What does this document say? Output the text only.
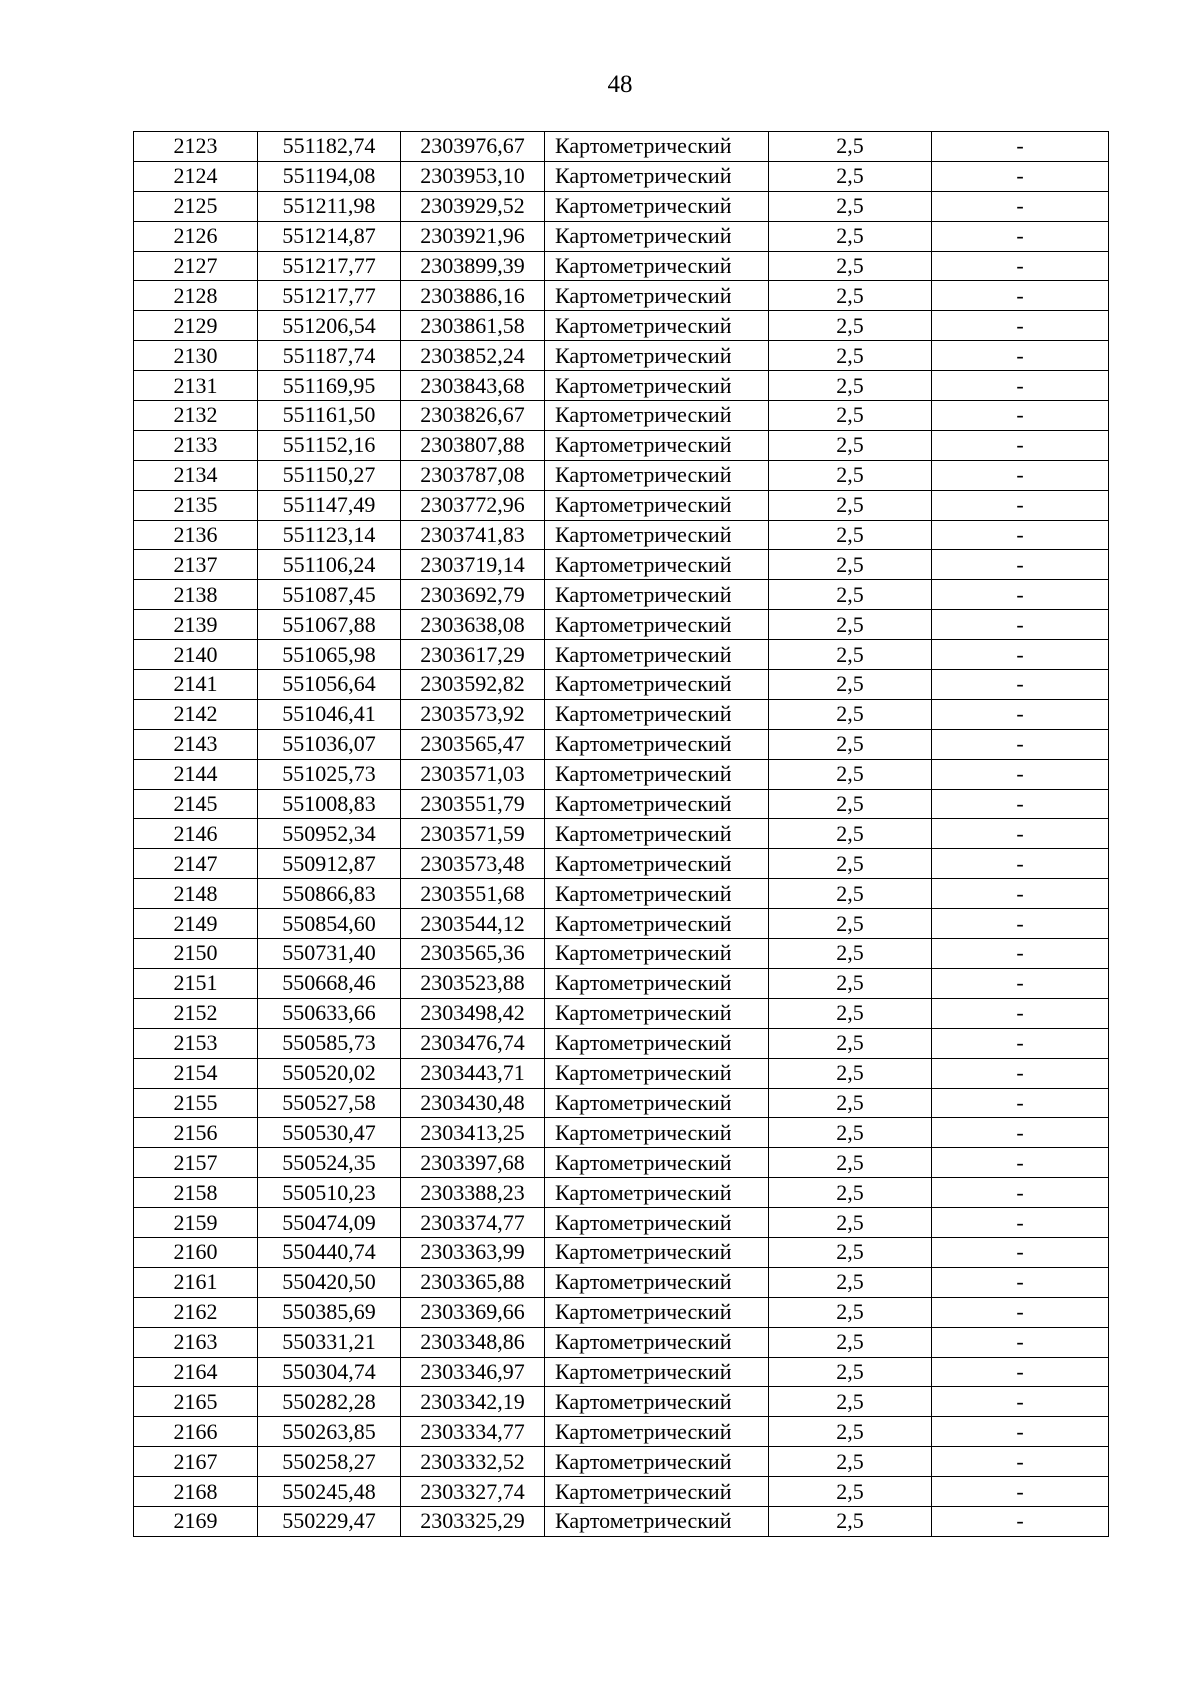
48
2123	551182,74	2303976,67	Картометрический	2,5	-
2124	551194,08	2303953,10	Картометрический	2,5	-
2125	551211,98	2303929,52	Картометрический	2,5	-
2126	551214,87	2303921,96	Картометрический	2,5	-
2127	551217,77	2303899,39	Картометрический	2,5	-
2128	551217,77	2303886,16	Картометрический	2,5	-
2129	551206,54	2303861,58	Картометрический	2,5	-
2130	551187,74	2303852,24	Картометрический	2,5	-
2131	551169,95	2303843,68	Картометрический	2,5	-
2132	551161,50	2303826,67	Картометрический	2,5	-
2133	551152,16	2303807,88	Картометрический	2,5	-
2134	551150,27	2303787,08	Картометрический	2,5	-
2135	551147,49	2303772,96	Картометрический	2,5	-
2136	551123,14	2303741,83	Картометрический	2,5	-
2137	551106,24	2303719,14	Картометрический	2,5	-
2138	551087,45	2303692,79	Картометрический	2,5	-
2139	551067,88	2303638,08	Картометрический	2,5	-
2140	551065,98	2303617,29	Картометрический	2,5	-
2141	551056,64	2303592,82	Картометрический	2,5	-
2142	551046,41	2303573,92	Картометрический	2,5	-
2143	551036,07	2303565,47	Картометрический	2,5	-
2144	551025,73	2303571,03	Картометрический	2,5	-
2145	551008,83	2303551,79	Картометрический	2,5	-
2146	550952,34	2303571,59	Картометрический	2,5	-
2147	550912,87	2303573,48	Картометрический	2,5	-
2148	550866,83	2303551,68	Картометрический	2,5	-
2149	550854,60	2303544,12	Картометрический	2,5	-
2150	550731,40	2303565,36	Картометрический	2,5	-
2151	550668,46	2303523,88	Картометрический	2,5	-
2152	550633,66	2303498,42	Картометрический	2,5	-
2153	550585,73	2303476,74	Картометрический	2,5	-
2154	550520,02	2303443,71	Картометрический	2,5	-
2155	550527,58	2303430,48	Картометрический	2,5	-
2156	550530,47	2303413,25	Картометрический	2,5	-
2157	550524,35	2303397,68	Картометрический	2,5	-
2158	550510,23	2303388,23	Картометрический	2,5	-
2159	550474,09	2303374,77	Картометрический	2,5	-
2160	550440,74	2303363,99	Картометрический	2,5	-
2161	550420,50	2303365,88	Картометрический	2,5	-
2162	550385,69	2303369,66	Картометрический	2,5	-
2163	550331,21	2303348,86	Картометрический	2,5	-
2164	550304,74	2303346,97	Картометрический	2,5	-
2165	550282,28	2303342,19	Картометрический	2,5	-
2166	550263,85	2303334,77	Картометрический	2,5	-
2167	550258,27	2303332,52	Картометрический	2,5	-
2168	550245,48	2303327,74	Картометрический	2,5	-
2169	550229,47	2303325,29	Картометрический	2,5	-
